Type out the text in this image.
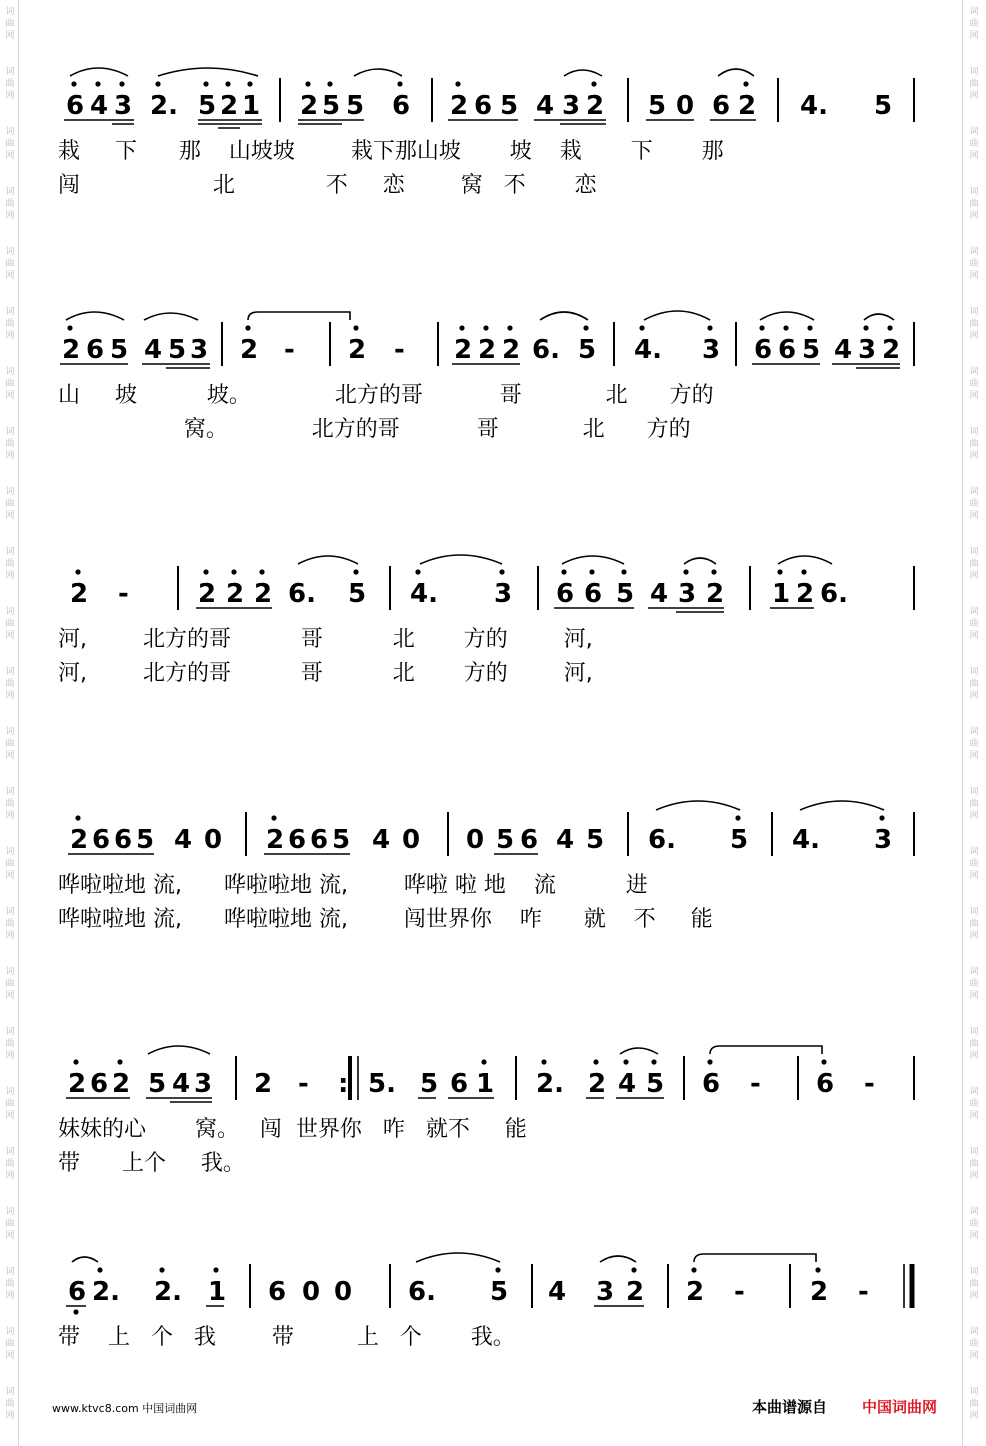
词
曲
网
词
曲
网
词
曲
网
词
曲
网
词
曲
网
词
曲
网
词
曲
网
词
曲
网
词
曲
网
词
曲
网
词
曲
网
词
曲
网
词
曲
网
词
曲
网
词
曲
网
词
曲
网
词
曲
网
词
曲
网
词
曲
网
词
曲
网
词
曲
网
词
曲
网
词
曲
网
词
曲
网
词
曲
网
词
曲
网
词
曲
网
词
曲
网
词
曲
网
词
曲
网
词
曲
网
词
曲
网
词
曲
网
词
曲
网
词
曲
网
词
曲
网
词
曲
网
词
曲
网
词
曲
网
词
曲
网
词
曲
网
词
曲
网
词
曲
网
词
曲
网
词
曲
网
词
曲
网
词
曲
网
词
曲
网
6 4 3 2. 5 2 1 2 5 5 6 2 6 5 4 3 2 5 0 6 2 4. 5
栽     下      那    山坡坡        栽下那山坡       坡    栽       下       那
闯                   北             不     恋        窝   不       恋
2 6 5 4 5 3 2 - 2 - 2 2 2 6. 5 4. 3 6 6 5 4 3 2
山     坡          坡。            北方的哥           哥            北      方的
窝。            北方的哥           哥            北      方的
2 -	2 2 2 6. 5 4. 3 6 6 5 4 3 2 1 2 6.
河,        北方的哥          哥          北       方的        河,
河,        北方的哥          哥          北       方的        河,
2 6 6 5 4 0 2 6 6 5 4 0 0 5 6 4 5 6. 5 4. 3
哗啦啦地 流,      哗啦啦地 流,        哗啦 啦 地    流          进
哗啦啦地 流,      哗啦啦地 流,        闯世界你    咋      就    不     能
2 6 2 5 4 3 2 - : 5. 5 6 1 2. 2 4 5 6 - 6 -
妹妹的心       窝。   闯  世界你   咋   就不     能
带      上个     我。
6 2. 2. 1 6 0 0 6. 5 4 3 2 2 -	2 -
带    上   个   我        带         上   个       我。
www.ktvc8.com 中国词曲网	本曲谱源自 中国词曲网
